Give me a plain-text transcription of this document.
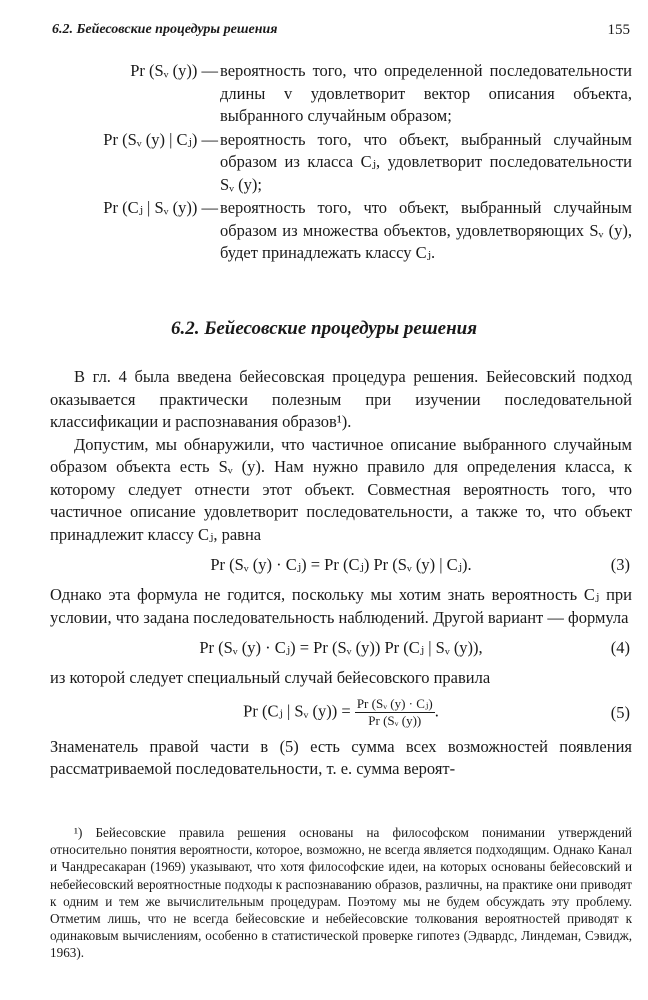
6.2. Бейесовские процедуры решения	155
Pr (Sᵥ (y)) — вероятность того, что определенной последовательности длины v удовлетворит вектор описания объекта, выбранного случайным образом;
Pr (Sᵥ (y) | Cⱼ) — вероятность того, что объект, выбранный случайным образом из класса Cⱼ, удовлетворит последовательности Sᵥ (y);
Pr (Cⱼ | Sᵥ (y)) — вероятность того, что объект, выбранный случайным образом из множества объектов, удовлетворяющих Sᵥ (y), будет принадлежать классу Cⱼ.
6.2. Бейесовские процедуры решения

В гл. 4 была введена бейесовская процедура решения. Бейесовский подход оказывается практически полезным при изучении последовательной классификации и распознавания образов¹).

Допустим, мы обнаружили, что частичное описание выбранного случайным образом объекта есть Sᵥ (y). Нам нужно правило для определения класса, к которому следует отнести этот объект. Совместная вероятность того, что частичное описание удовлетворит последовательности, а также то, что объект принадлежит классу Cⱼ, равна

Pr (Sᵥ (y) · Cⱼ) = Pr (Cⱼ) Pr (Sᵥ (y) | Cⱼ).	(3)

Однако эта формула не годится, поскольку мы хотим знать вероятность Cⱼ при условии, что задана последовательность наблюдений. Другой вариант — формула

Pr (Sᵥ (y) · Cⱼ) = Pr (Sᵥ (y)) Pr (Cⱼ | Sᵥ (y)),	(4)

из которой следует специальный случай бейесовского правила

Pr (Cⱼ | Sᵥ $(y)) = \frac{\text{Pr (Sᵥ (y) · Cⱼ)}}{\text{Pr (Sᵥ (y))}}$ .	(5)

Знаменатель правой части в (5) есть сумма всех возможностей появления рассматриваемой последовательности, т. е. сумма вероят-

¹) Бейесовские правила решения основаны на философском понимании утверждений относительно понятия вероятности, которое, возможно, не всегда является подходящим. Однако Канал и Чандресакаран (1969) указывают, что хотя философские идеи, на которых основаны бейесовский и небейесовский вероятностные подходы к распознаванию образов, различны, на практике они приводят к одним и тем же вычислительным процедурам. Поэтому мы не будем обсуждать эту проблему. Отметим лишь, что не всегда бейесовские и небейесовские толкования вероятностей приводят к одинаковым вычислениям, особенно в статистической проверке гипотез (Эдвардс, Линдеман, Сэвидж, 1963).
